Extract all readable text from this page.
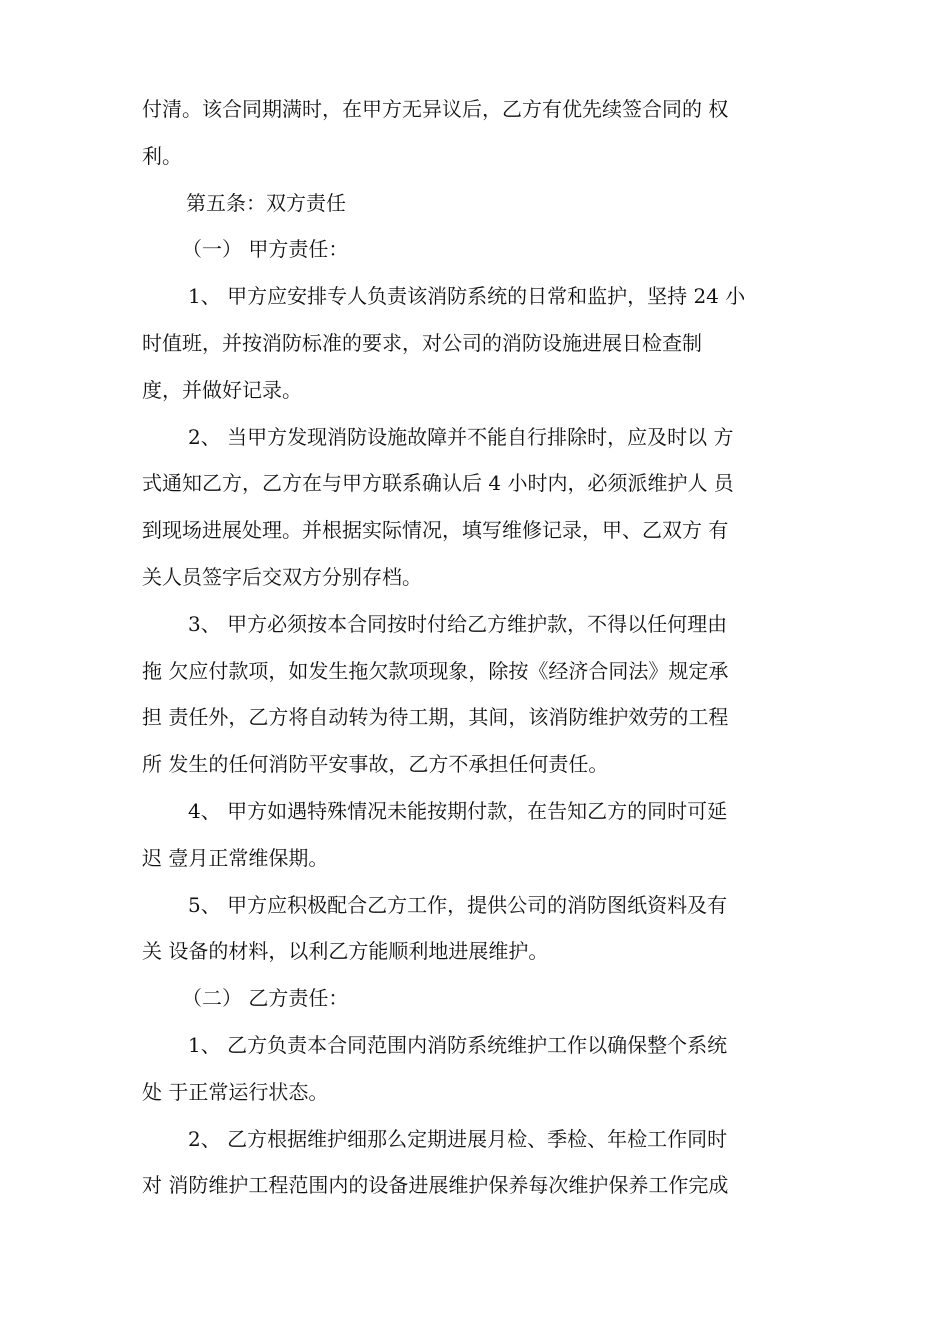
付清。该合同期满时，在甲方无异议后，乙方有优先续签合同的 权
利。
第五条：双方责任
（一） 甲方责任：
1、 甲方应安排专人负责该消防系统的日常和监护，坚持 24 小
时值班，并按消防标准的要求，对公司的消防设施进展日检查制
度，并做好记录。
2、 当甲方发现消防设施故障并不能自行排除时，应及时以 方
式通知乙方，乙方在与甲方联系确认后 4 小时内，必须派维护人 员
到现场进展处理。并根据实际情况，填写维修记录，甲、乙双方 有
关人员签字后交双方分别存档。
3、 甲方必须按本合同按时付给乙方维护款，不得以任何理由
拖 欠应付款项，如发生拖欠款项现象，除按《经济合同法》规定承
担 责任外，乙方将自动转为待工期，其间，该消防维护效劳的工程
所 发生的任何消防平安事故，乙方不承担任何责任。
4、 甲方如遇特殊情况未能按期付款，在告知乙方的同时可延
迟 壹月正常维保期。
5、 甲方应积极配合乙方工作，提供公司的消防图纸资料及有
关 设备的材料，以利乙方能顺利地进展维护。
（二） 乙方责任：
1、 乙方负责本合同范围内消防系统维护工作以确保整个系统
处 于正常运行状态。
2、 乙方根据维护细那么定期进展月检、季检、年检工作同时
对 消防维护工程范围内的设备进展维护保养每次维护保养工作完成
